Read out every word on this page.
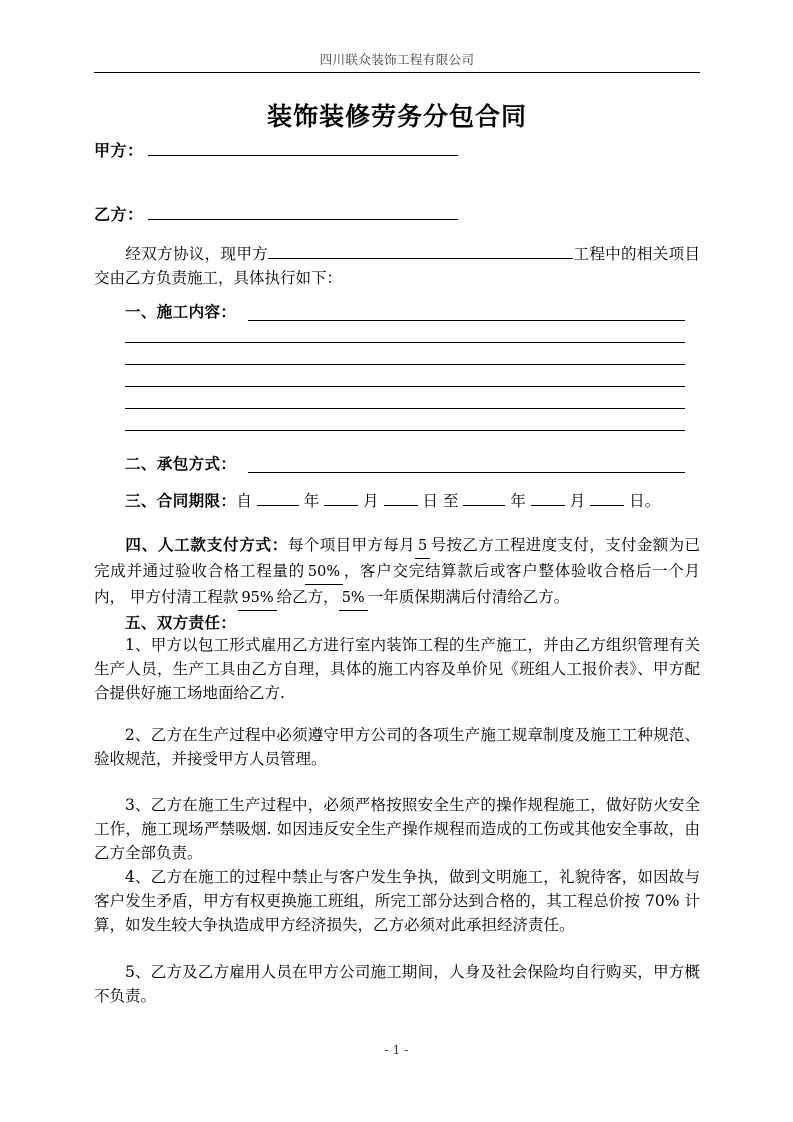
四川联众装饰工程有限公司
装饰装修劳务分包合同
甲方：
乙方：
经双方协议，现甲方	工程中的相关项目交由乙方负责施工，具体执行如下：
一、施工内容：
二、承包方式：
三、合同期限：自	年	月	日 至	年	月	日。
四、人工款支付方式：每个项目甲方每月 5 号按乙方工程进度支付，支付金额为已完成并通过验收合格工程量的 50% ，客户交完结算款后或客户整体验收合格后一个月内， 甲方付清工程款 95% 给乙方， 5% 一年质保期满后付清给乙方。
五、双方责任：
1、甲方以包工形式雇用乙方进行室内装饰工程的生产施工，并由乙方组织管理有关生产人员，生产工具由乙方自理，具体的施工内容及单价见《班组人工报价表》、甲方配合提供好施工场地面给乙方.
2、乙方在生产过程中必须遵守甲方公司的各项生产施工规章制度及施工工种规范、验收规范，并接受甲方人员管理。
3、乙方在施工生产过程中，必须严格按照安全生产的操作规程施工，做好防火安全工作，施工现场严禁吸烟. 如因违反安全生产操作规程而造成的工伤或其他安全事故，由乙方全部负责。
4、乙方在施工的过程中禁止与客户发生争执，做到文明施工，礼貌待客，如因故与客户发生矛盾，甲方有权更换施工班组，所完工部分达到合格的，其工程总价按 70% 计算，如发生较大争执造成甲方经济损失，乙方必须对此承担经济责任。
5、乙方及乙方雇用人员在甲方公司施工期间，人身及社会保险均自行购买，甲方概不负责。
- 1 -
